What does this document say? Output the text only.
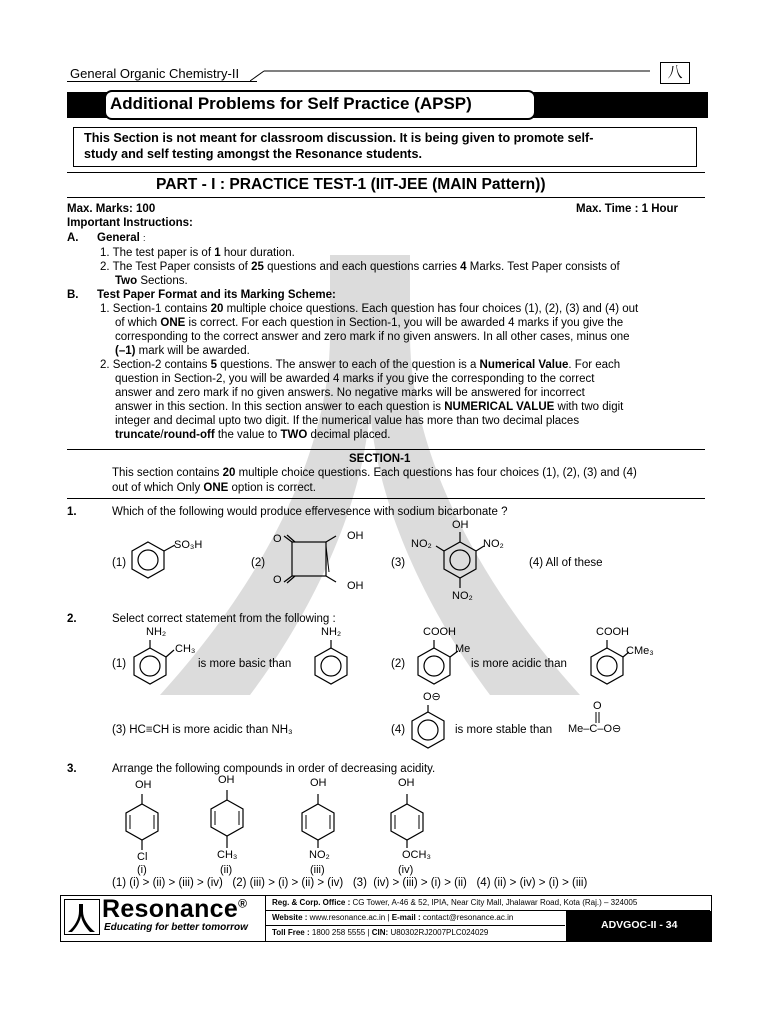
General Organic Chemistry-II	八
Additional Problems for Self Practice (APSP)
This Section is not meant for classroom discussion. It is being given to promote self-
study and self testing amongst the Resonance students.
PART - I : PRACTICE TEST-1 (IIT-JEE (MAIN Pattern))
Max. Marks: 100	Max. Time : 1 Hour
Important Instructions:
A. General :
1. The test paper is of 1 hour duration.
2. The Test Paper consists of 25 questions and each questions carries 4 Marks. Test Paper consists of
Two Sections.
B. Test Paper Format and its Marking Scheme:
1. Section-1 contains 20 multiple choice questions. Each question has four choices (1), (2), (3) and (4) out
of which ONE is correct. For each question in Section-1, you will be awarded 4 marks if you give the
corresponding to the correct answer and zero mark if no given answers. In all other cases, minus one
(–1) mark will be awarded.
2. Section-2 contains 5 questions. The answer to each of the question is a Numerical Value. For each
question in Section-2, you will be awarded 4 marks if you give the corresponding to the correct
answer and zero mark if no given answers. No negative marks will be answered for incorrect
answer in this section. In this section answer to each question is NUMERICAL VALUE with two digit
integer and decimal upto two digit. If the numerical value has more than two decimal places
truncate/round-off the value to TWO decimal placed.
SECTION-1
This section contains 20 multiple choice questions. Each questions has four choices (1), (2), (3) and (4)
out of which Only ONE option is correct.
1.	Which of the following would produce effervesence with sodium bicarbonate ?
(1)
SO₃H
(2)
O
O
OH
OH
(3)
OH
NO₂	NO₂
NO₂
(4) All of these
2.	Select correct statement from the following :
(1)
NH₂
CH₃
is more basic than
NH₂
(2)
COOH
Me
is more acidic than
COOH
CMe₃
(3) HC≡CH is more acidic than NH₃	(4)
O⊖
is more stable than
O
Me–C–O⊖
3.	Arrange the following compounds in order of decreasing acidity.
OH	OH	OH	OH
Cl	CH₃	NO₂	OCH₃
(i)	(ii)	(iii)	(iv)
(1) (i) > (ii) > (iii) > (iv)   (2) (iii) > (i) > (ii) > (iv)   (3)  (iv) > (iii) > (i) > (ii)   (4) (ii) > (iv) > (i) > (iii)
Resonance®
Educating for better tomorrow
Reg. & Corp. Office : CG Tower, A-46 & 52, IPIA, Near City Mall, Jhalawar Road, Kota (Raj.) – 324005
Website : www.resonance.ac.in | E-mail : contact@resonance.ac.in
Toll Free : 1800 258 5555 | CIN: U80302RJ2007PLC024029
ADVGOC-II - 34
